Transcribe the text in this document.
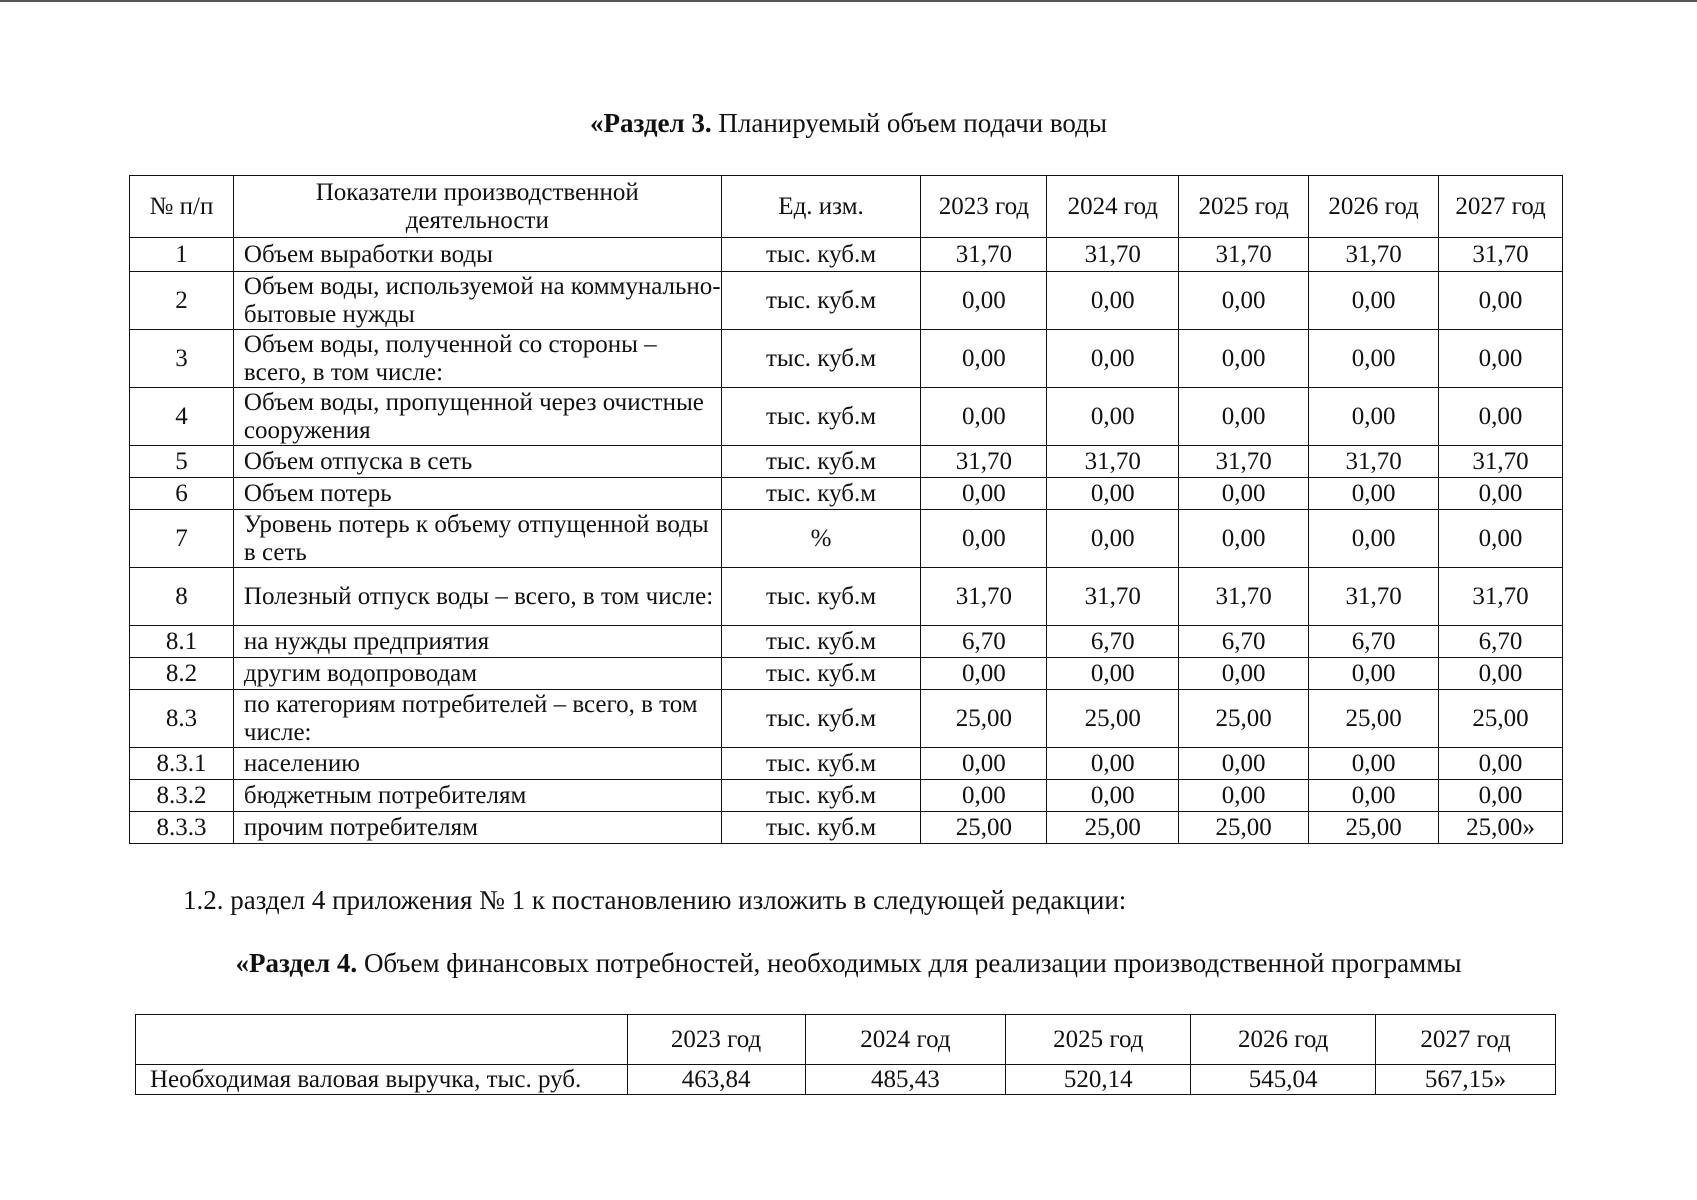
«Раздел 3. Планируемый объем подачи воды
№ п/п	Показатели производственной деятельности	Ед. изм.	2023 год	2024 год	2025 год	2026 год	2027 год
1	Объем выработки воды	тыс. куб.м	31,70	31,70	31,70	31,70	31,70
2	Объем воды, используемой на коммунально-бытовые нужды	тыс. куб.м	0,00	0,00	0,00	0,00	0,00
3	Объем воды, полученной со стороны – всего, в том числе:	тыс. куб.м	0,00	0,00	0,00	0,00	0,00
4	Объем воды, пропущенной через очистные сооружения	тыс. куб.м	0,00	0,00	0,00	0,00	0,00
5	Объем отпуска в сеть	тыс. куб.м	31,70	31,70	31,70	31,70	31,70
6	Объем потерь	тыс. куб.м	0,00	0,00	0,00	0,00	0,00
7	Уровень потерь к объему отпущенной воды в сеть	%	0,00	0,00	0,00	0,00	0,00
8	Полезный отпуск воды – всего, в том числе:	тыс. куб.м	31,70	31,70	31,70	31,70	31,70
8.1	на нужды предприятия	тыс. куб.м	6,70	6,70	6,70	6,70	6,70
8.2	другим водопроводам	тыс. куб.м	0,00	0,00	0,00	0,00	0,00
8.3	по категориям потребителей – всего, в том числе:	тыс. куб.м	25,00	25,00	25,00	25,00	25,00
8.3.1	населению	тыс. куб.м	0,00	0,00	0,00	0,00	0,00
8.3.2	бюджетным потребителям	тыс. куб.м	0,00	0,00	0,00	0,00	0,00
8.3.3	прочим потребителям	тыс. куб.м	25,00	25,00	25,00	25,00	25,00»
1.2. раздел 4 приложения № 1 к постановлению изложить в следующей редакции:
«Раздел 4. Объем финансовых потребностей, необходимых для реализации производственной программы
	2023 год	2024 год	2025 год	2026 год	2027 год
Необходимая валовая выручка, тыс. руб.	463,84	485,43	520,14	545,04	567,15»
